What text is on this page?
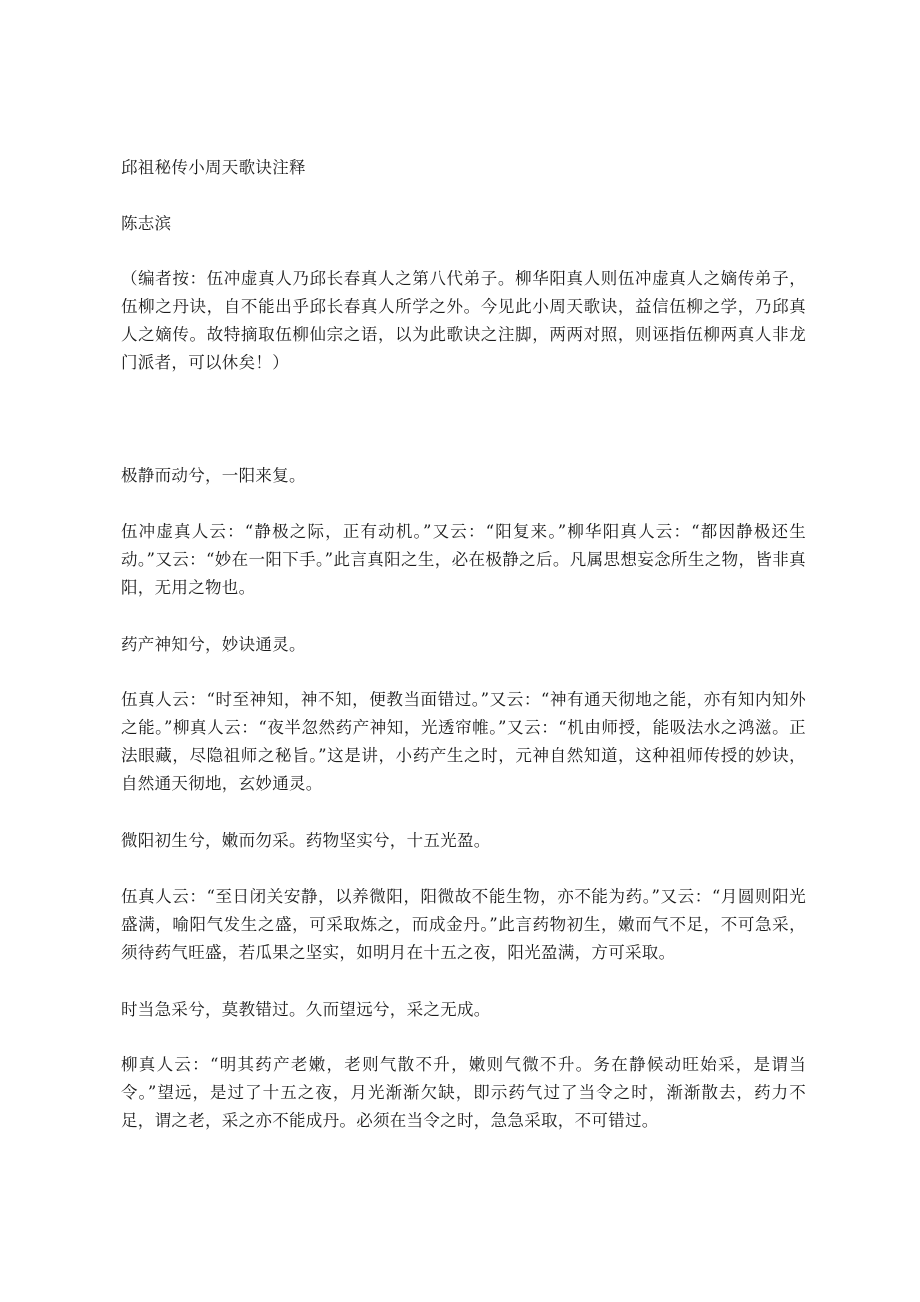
邱祖秘传小周天歌诀注释

陈志滨

（编者按：伍冲虚真人乃邱长春真人之第八代弟子。柳华阳真人则伍冲虚真人之嫡传弟子，伍柳之丹诀，自不能出乎邱长春真人所学之外。今见此小周天歌诀，益信伍柳之学，乃邱真人之嫡传。故特摘取伍柳仙宗之语，以为此歌诀之注脚，两两对照，则诬指伍柳两真人非龙门派者，可以休矣！）

极静而动兮，一阳来复。

伍冲虚真人云：“静极之际，正有动机。”又云：“阳复来。”柳华阳真人云：“都因静极还生动。”又云：“妙在一阳下手。”此言真阳之生，必在极静之后。凡属思想妄念所生之物，皆非真阳，无用之物也。

药产神知兮，妙诀通灵。

伍真人云：“时至神知，神不知，便教当面错过。”又云：“神有通天彻地之能，亦有知内知外之能。”柳真人云：“夜半忽然药产神知，光透帘帷。”又云：“机由师授，能吸法水之鸿滋。正法眼藏，尽隐祖师之秘旨。”这是讲，小药产生之时，元神自然知道，这种祖师传授的妙诀，自然通天彻地，玄妙通灵。

微阳初生兮，嫩而勿采。药物坚实兮，十五光盈。

伍真人云：“至日闭关安静，以养微阳，阳微故不能生物，亦不能为药。”又云：“月圆则阳光盛满，喻阳气发生之盛，可采取炼之，而成金丹。”此言药物初生，嫩而气不足，不可急采，须待药气旺盛，若瓜果之坚实，如明月在十五之夜，阳光盈满，方可采取。

时当急采兮，莫教错过。久而望远兮，采之无成。

柳真人云：“明其药产老嫩，老则气散不升，嫩则气微不升。务在静候动旺始采，是谓当令。”望远，是过了十五之夜，月光渐渐欠缺，即示药气过了当令之时，渐渐散去，药力不足，谓之老，采之亦不能成丹。必须在当令之时，急急采取，不可错过。
